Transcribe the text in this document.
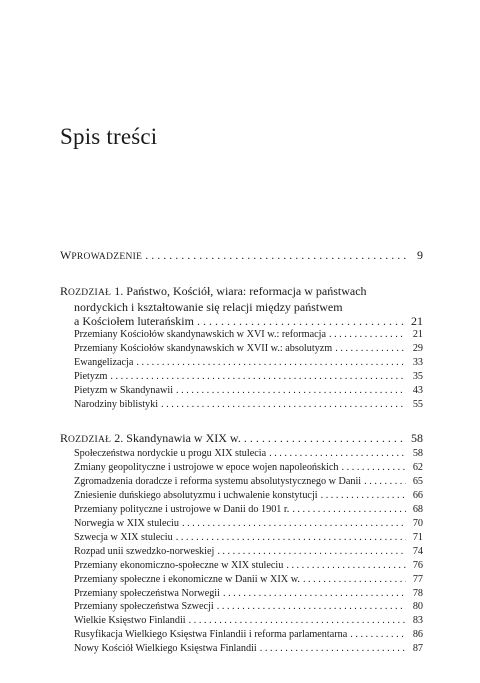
Spis treści
WPROWADZENIE . . .	9
ROZDZIAŁ 1. Państwo, Kościół, wiara: reformacja w państwach
nordyckich i kształtowanie się relacji między państwem
a Kościołem luterańskim . . .	21
Przemiany Kościołów skandynawskich w XVI w.: reformacja . . .	21
Przemiany Kościołów skandynawskich w XVII w.: absolutyzm . . .	29
Ewangelizacja . . .	33
Pietyzm . . .	35
Pietyzm w Skandynawii . . .	43
Narodziny biblistyki . . .	55
ROZDZIAŁ 2. Skandynawia w XIX w. . . .	58
Społeczeństwa nordyckie u progu XIX stulecia . . .	58
Zmiany geopolityczne i ustrojowe w epoce wojen napoleońskich . . .	62
Zgromadzenia doradcze i reforma systemu absolutystycznego w Danii . . .	65
Zniesienie duńskiego absolutyzmu i uchwalenie konstytucji . . .	66
Przemiany polityczne i ustrojowe w Danii do 1901 r. . . .	68
Norwegia w XIX stuleciu . . .	70
Szwecja w XIX stuleciu . . .	71
Rozpad unii szwedzko-norweskiej . . .	74
Przemiany ekonomiczno-społeczne w XIX stuleciu . . .	76
Przemiany społeczne i ekonomiczne w Danii w XIX w. . . .	77
Przemiany społeczeństwa Norwegii . . .	78
Przemiany społeczeństwa Szwecji . . .	80
Wielkie Księstwo Finlandii . . .	83
Rusyfikacja Wielkiego Księstwa Finlandii i reforma parlamentarna . . .	86
Nowy Kościół Wielkiego Księstwa Finlandii . . .	87
